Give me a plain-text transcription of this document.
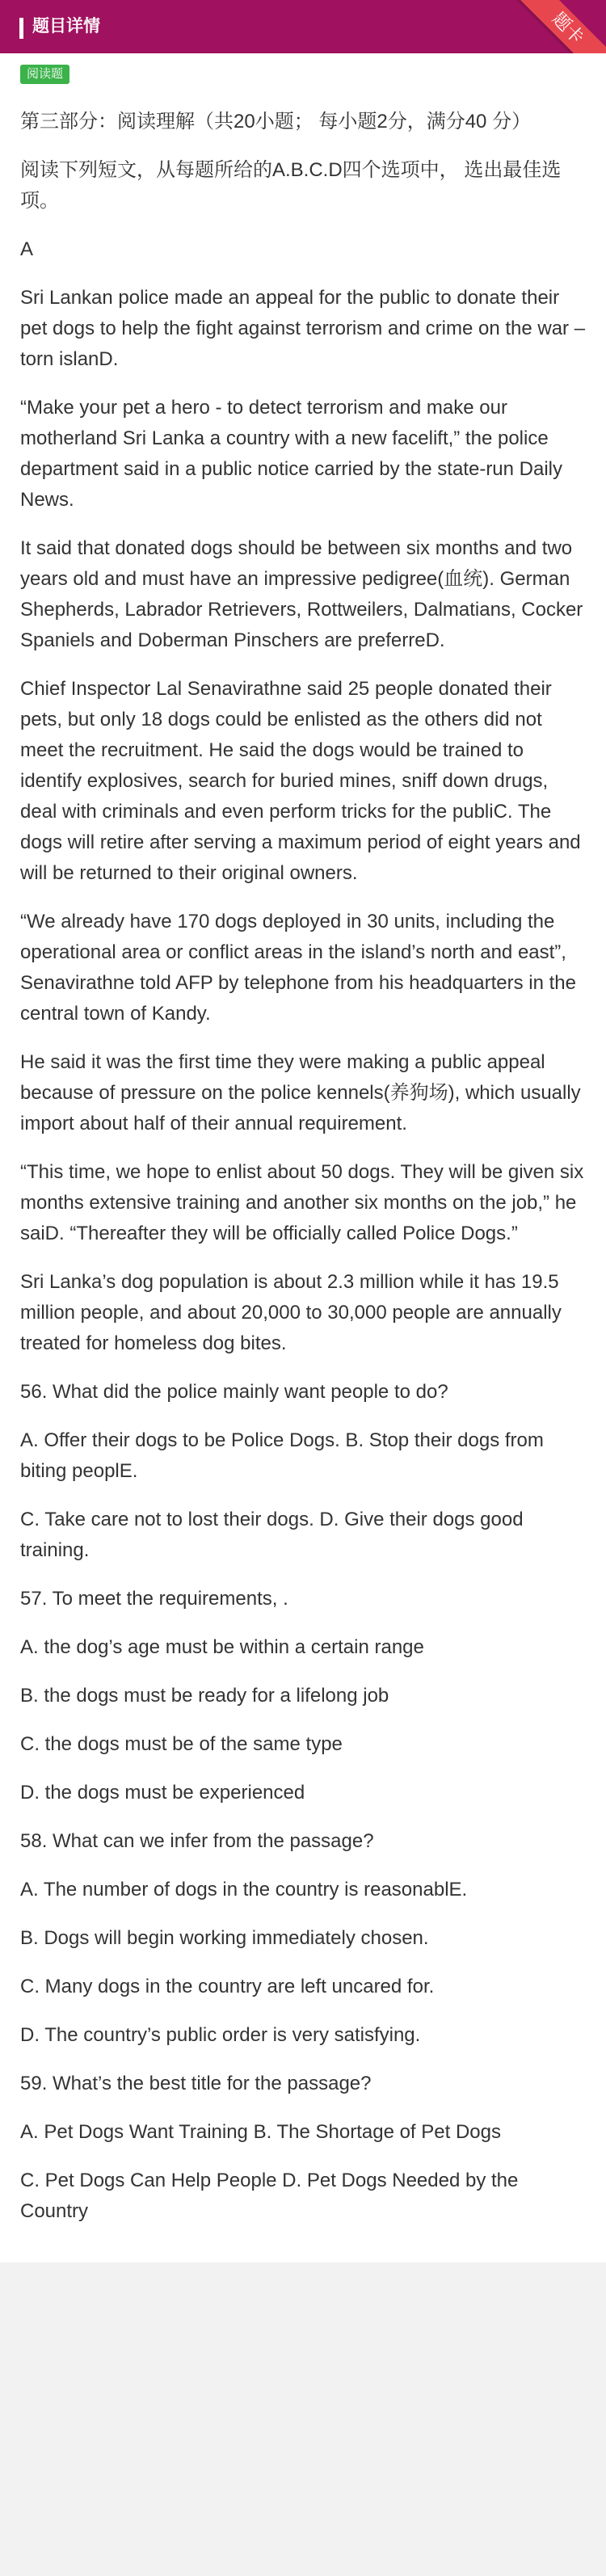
题目详情	题卡
阅读题

第三部分：阅读理解（共20小题； 每小题2分，满分40 分）

阅读下列短文，从每题所给的A.B.C.D四个选项中， 选出最佳选项。

A

Sri Lankan police made an appeal for the public to donate their pet dogs to help the fight against terrorism and crime on the war – torn islanD.

“Make your pet a hero - to detect terrorism and make our motherland Sri Lanka a country with a new facelift,” the police department said in a public notice carried by the state-run Daily News.

It said that donated dogs should be between six months and two years old and must have an impressive pedigree(血统). German Shepherds, Labrador Retrievers, Rottweilers, Dalmatians, Cocker Spaniels and Doberman Pinschers are preferreD.

Chief Inspector Lal Senavirathne said 25 people donated their pets, but only 18 dogs could be enlisted as the others did not meet the recruitment. He said the dogs would be trained to identify explosives, search for buried mines, sniff down drugs, deal with criminals and even perform tricks for the publiC. The dogs will retire after serving a maximum period of eight years and will be returned to their original owners.

“We already have 170 dogs deployed in 30 units, including the operational area or conflict areas in the island’s north and east”, Senavirathne told AFP by telephone from his headquarters in the central town of Kandy.

He said it was the first time they were making a public appeal because of pressure on the police kennels(养狗场), which usually import about half of their annual requirement.

“This time, we hope to enlist about 50 dogs. They will be given six months extensive training and another six months on the job,” he saiD. “Thereafter they will be officially called Police Dogs.”

Sri Lanka’s dog population is about 2.3 million while it has 19.5 million people, and about 20,000 to 30,000 people are annually treated for homeless dog bites.

56. What did the police mainly want people to do?

A. Offer their dogs to be Police Dogs. B. Stop their dogs from biting peoplE.

C. Take care not to lost their dogs. D. Give their dogs good training.

57. To meet the requirements, .

A. the dog’s age must be within a certain range

B. the dogs must be ready for a lifelong job

C. the dogs must be of the same type

D. the dogs must be experienced

58. What can we infer from the passage?

A. The number of dogs in the country is reasonablE.

B. Dogs will begin working immediately chosen.

C. Many dogs in the country are left uncared for.

D. The country’s public order is very satisfying.

59. What’s the best title for the passage?

A. Pet Dogs Want Training B. The Shortage of Pet Dogs

C. Pet Dogs Can Help People D. Pet Dogs Needed by the Country
